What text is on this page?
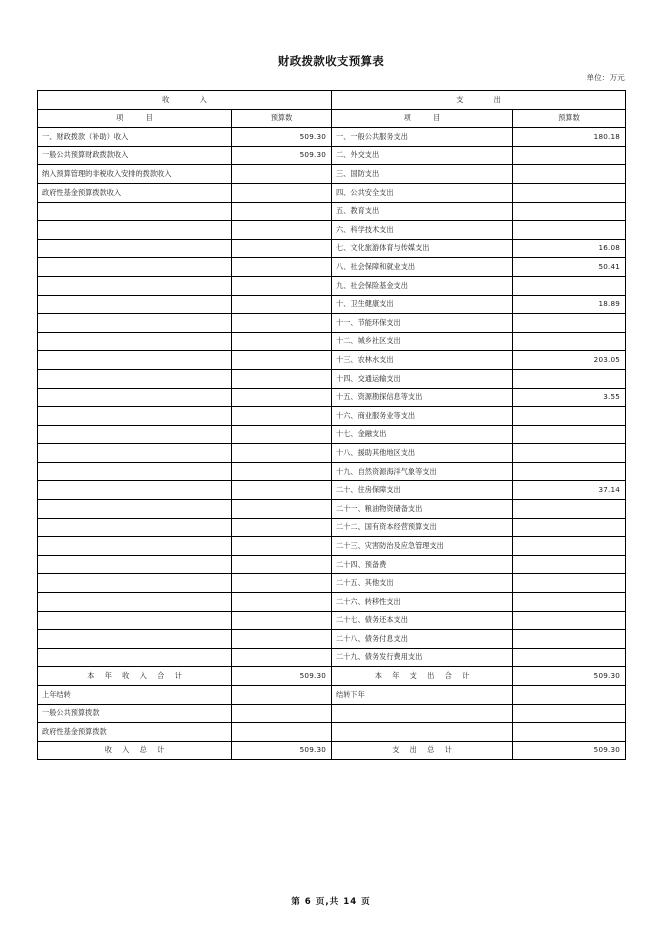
财政拨款收支预算表
单位：万元
收 入		支 出	
项 目	预算数	项 目	预算数
一、财政拨款（补助）收入	509.30	一、一般公共服务支出	180.18
一般公共预算财政拨款收入	509.30	二、外交支出	
纳入预算管理的非税收入安排的拨款收入		三、国防支出	
政府性基金预算拨款收入		四、公共安全支出	
		五、教育支出	
		六、科学技术支出	
		七、文化旅游体育与传媒支出	16.08
		八、社会保障和就业支出	50.41
		九、社会保险基金支出	
		十、卫生健康支出	18.89
		十一、节能环保支出	
		十二、城乡社区支出	
		十三、农林水支出	203.05
		十四、交通运输支出	
		十五、资源勘探信息等支出	3.55
		十六、商业服务业等支出	
		十七、金融支出	
		十八、援助其他地区支出	
		十九、自然资源海洋气象等支出	
		二十、住房保障支出	37.14
		二十一、粮油物资储备支出	
		二十二、国有资本经营预算支出	
		二十三、灾害防治及应急管理支出	
		二十四、预备费	
		二十五、其他支出	
		二十六、转移性支出	
		二十七、债务还本支出	
		二十八、债务付息支出	
		二十九、债务发行费用支出	
本 年 收 入 合 计	509.30	本 年 支 出 合 计	509.30
上年结转		结转下年	
一般公共预算拨款			
政府性基金预算拨款			
收 入 总 计	509.30	支 出 总 计	509.30
第 6 页,共 14 页
